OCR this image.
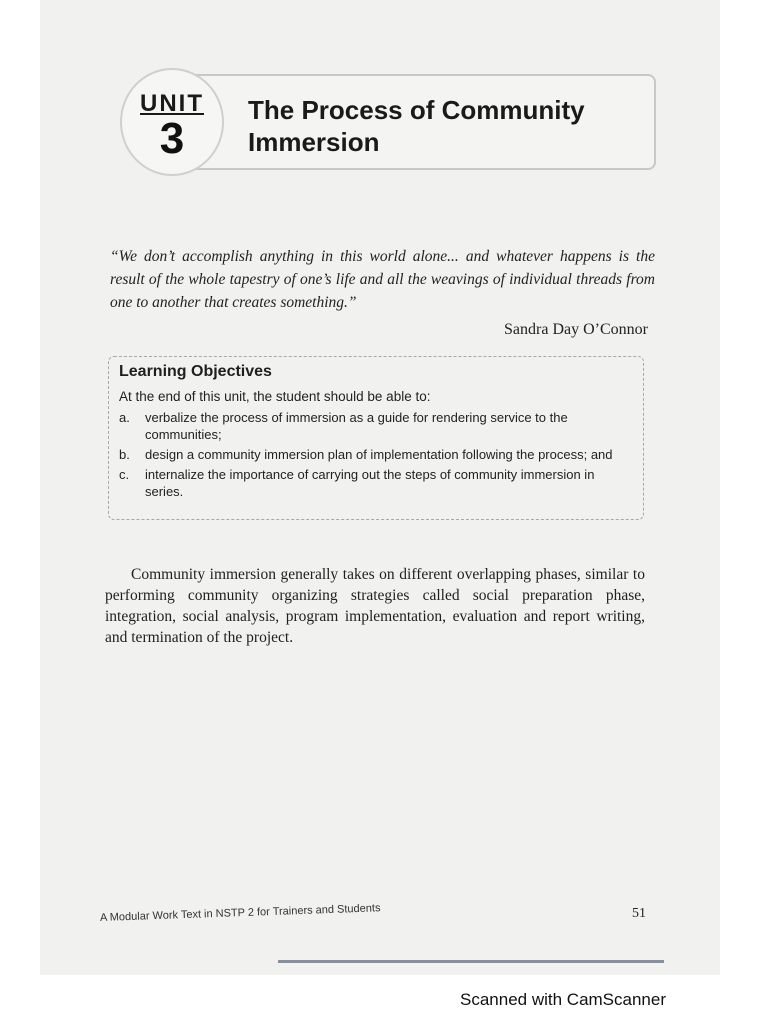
UNIT
3
The Process of Community Immersion
“We don’t accomplish anything in this world alone... and whatever happens is the result of the whole tapestry of one’s life and all the weavings of individual threads from one to another that creates something.”
Sandra Day O’Connor
Learning Objectives
At the end of this unit, the student should be able to:
a.	verbalize the process of immersion as a guide for rendering service to the communities;
b.	design a community immersion plan of implementation following the process; and
c.	internalize the importance of carrying out the steps of community immersion in series.
Community immersion generally takes on different overlapping phases, similar to performing community organizing strategies called social preparation phase, integration, social analysis, program implementation, evaluation and report writing, and termination of the project.
A Modular Work Text in NSTP 2 for Trainers and Students	51
Scanned with CamScanner
